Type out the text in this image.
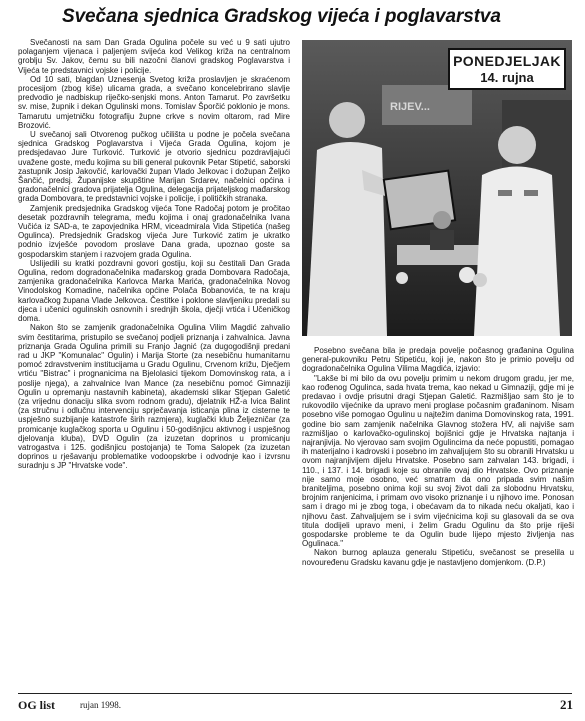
Svečana sjednica Gradskog vijeća i poglavarstva

Svečanosti na sam Dan Grada Ogulina počele su već u 9 sati ujutro polaganjem vijenaca i paljenjem svijeća kod Velikog križa na centralnom groblju Sv. Jakov, čemu su bili nazočni članovi gradskog Poglavarstva i Vijeća te predstavnici vojske i policije.

Od 10 sati, blagdan Uznesenja Svetog križa proslavljen je skraćenom procesijom (zbog kiše) ulicama grada, a svečano koncelebrirano slavlje predvodio je nadbiskup riječko-senjski mons. Anton Tamarut. Po završetku sv. mise, župnik i dekan Ogulinski mons. Tomislav Šporčić poklonio je mons. Tamarutu umjetničku fotografiju župne crkve s novim oltarom, rad Mire Brozović.

U svečanoj sali Otvorenog pučkog učilišta u podne je počela svečana sjednica Gradskog Poglavarstva i Vijeća Grada Ogulina, kojom je predsjedavao Jure Turković. Turković je otvorio sjednicu pozdravljajući uvažene goste, među kojima su bili general pukovnik Petar Stipetić, saborski zastupnik Josip Jakovčić, karlovački župan Vlado Jelkovac i dožupan Željko Šančić, predsj. Županijske skupštine Marijan Srdarev, načelnici općina i gradonačelnici gradova prijatelja Ogulina, delegacija prijateljskog mađarskog grada Dombovara, te predstavnici vojske i policije, i političkih stranaka.

Zamjenik predsjednika Gradskog vijeća Tone Radočaj potom je pročitao desetak pozdravnih telegrama, među kojima i onaj gradonačelnika Ivana Vučića iz SAD-a, te zapovjednika HRM, viceadmirala Vida Stipetića (našeg Ogulinca). Predsjednik Gradskog vijeća Jure Turković zatim je ukratko podnio izvješće povodom proslave Dana grada, upoznao goste sa gospodarskim stanjem i razvojem grada Ogulina.

Uslijedili su kratki pozdravni govori gostiju, koji su čestitali Dan Grada Ogulina, redom dogradonačelnika mađarskog grada Dombovara Radočaja, zamjenika gradonačelnika Karlovca Marka Marića, gradonačelnika Novog Vinodolskog Komadine, načelnika općine Polača Bobanovića, te na kraju karlovačkog župana Vlade Jelkovca. Čestitke i poklone slavljeniku predali su djeca i učenici ogulinskih osnovnih i srednjih škola, dječji vrtića i Učeničkog doma.

Nakon što se zamjenik gradonačelnika Ogulina Vilim Magdić zahvalio svim čestitarima, pristupilo se svečanoj podjeli priznanja i zahvalnica. Javna priznanja Grada Ogulina primili su Franjo Jagnić (za dugogodišnji predani rad u JKP "Komunalac" Ogulin) i Marija Storte (za nesebičnu humanitarnu pomoć zdravstvenim institucijama u Gradu Ogulinu, Crvenom križu, Dječjem vrtiću "Bistrac" i prognanicima na Bjelolasici tijekom Domovinskog rata, a i poslije njega), a zahvalnice Ivan Mance (za nesebičnu pomoć Gimnaziji Ogulin u opremanju nastavnih kabineta), akademski slikar Stjepan Galetić (za vrijednu donaciju slika svom rodnom gradu), djelatnik HŽ-a Ivica Balint (za stručnu i odlučnu intervenciju sprječavanja isticanja plina iz cisterne te uspješno suzbijanje katastrofe širih razmjera), kuglački klub Željezničar (za promicanje kuglačkog sporta u Ogulinu i 50-godišnjicu aktivnog i uspješnog djelovanja kluba), DVD Ogulin (za izuzetan doprinos u promicanju vatrogastva i 125. godišnjicu postojanja) te Toma Salopek (za izuzetan doprinos u rješavanju problematike vodoopskrbe i odvodnje kao i izvrsnu suradnju s JP "Hrvatske vode".

RIJEV...
PONEDJELJAK
14. rujna

Posebno svečana bila je predaja povelje počasnog građanina Ogulina general-pukovniku Petru Stipetiću, koji je, nakon što je primio povelju od dogradonačelnika Ogulina Vilima Magdića, izjavio:

"Lakše bi mi bilo da ovu povelju primim u nekom drugom gradu, jer me, kao rođenog Ogulinca, sada hvata trema, kao nekad u Gimnaziji, gdje mi je predavao i ovdje prisutni dragi Stjepan Galetić. Razmišljao sam što je to rukovodilo vijećnike da upravo meni proglase počasnim građaninom. Nisam posebno više pomogao Ogulinu u najtežim danima Domovinskog rata, 1991. godine bio sam zamjenik načelnika Glavnog stožera HV, ali najviše sam razmišljao o karlovačko-ogulinskoj bojišnici gdje je Hrvatska najtanja i najranjivija. No vjerovao sam svojim Ogulincima da neće popustiti, pomagao ih materijalno i kadrovski i posebno im zahvaljujem što su obranili Hrvatsku u ovom najranjivijem dijelu Hrvatske. Posebno sam zahvalan 143. brigadi, i 110., i 137. i 14. brigadi koje su obranile ovaj dio Hrvatske. Ovo priznanje nije samo moje osobno, već smatram da ono pripada svim našim braniteljima, posebno onima koji su svoj život dali za slobodnu Hrvatsku, brojnim ranjenicima, i primam ovo visoko priznanje i u njihovo ime. Ponosan sam i drago mi je zbog toga, i obećavam da to nikada neću okaljati, kao i njihovu čast. Zahvaljujem se i svim vijećnicima koji su glasovali da se ova titula dodijeli upravo meni, i želim Gradu Ogulinu da što prije riješi gospodarske probleme te da Ogulin bude lijepo mjesto življenja nas Ogulinaca."

Nakon burnog aplauza generalu Stipetiću, svečanost se preselila u novouređenu Gradsku kavanu gdje je nastavljeno domjenkom. (D.P.)

OG list	rujan 1998.	21
